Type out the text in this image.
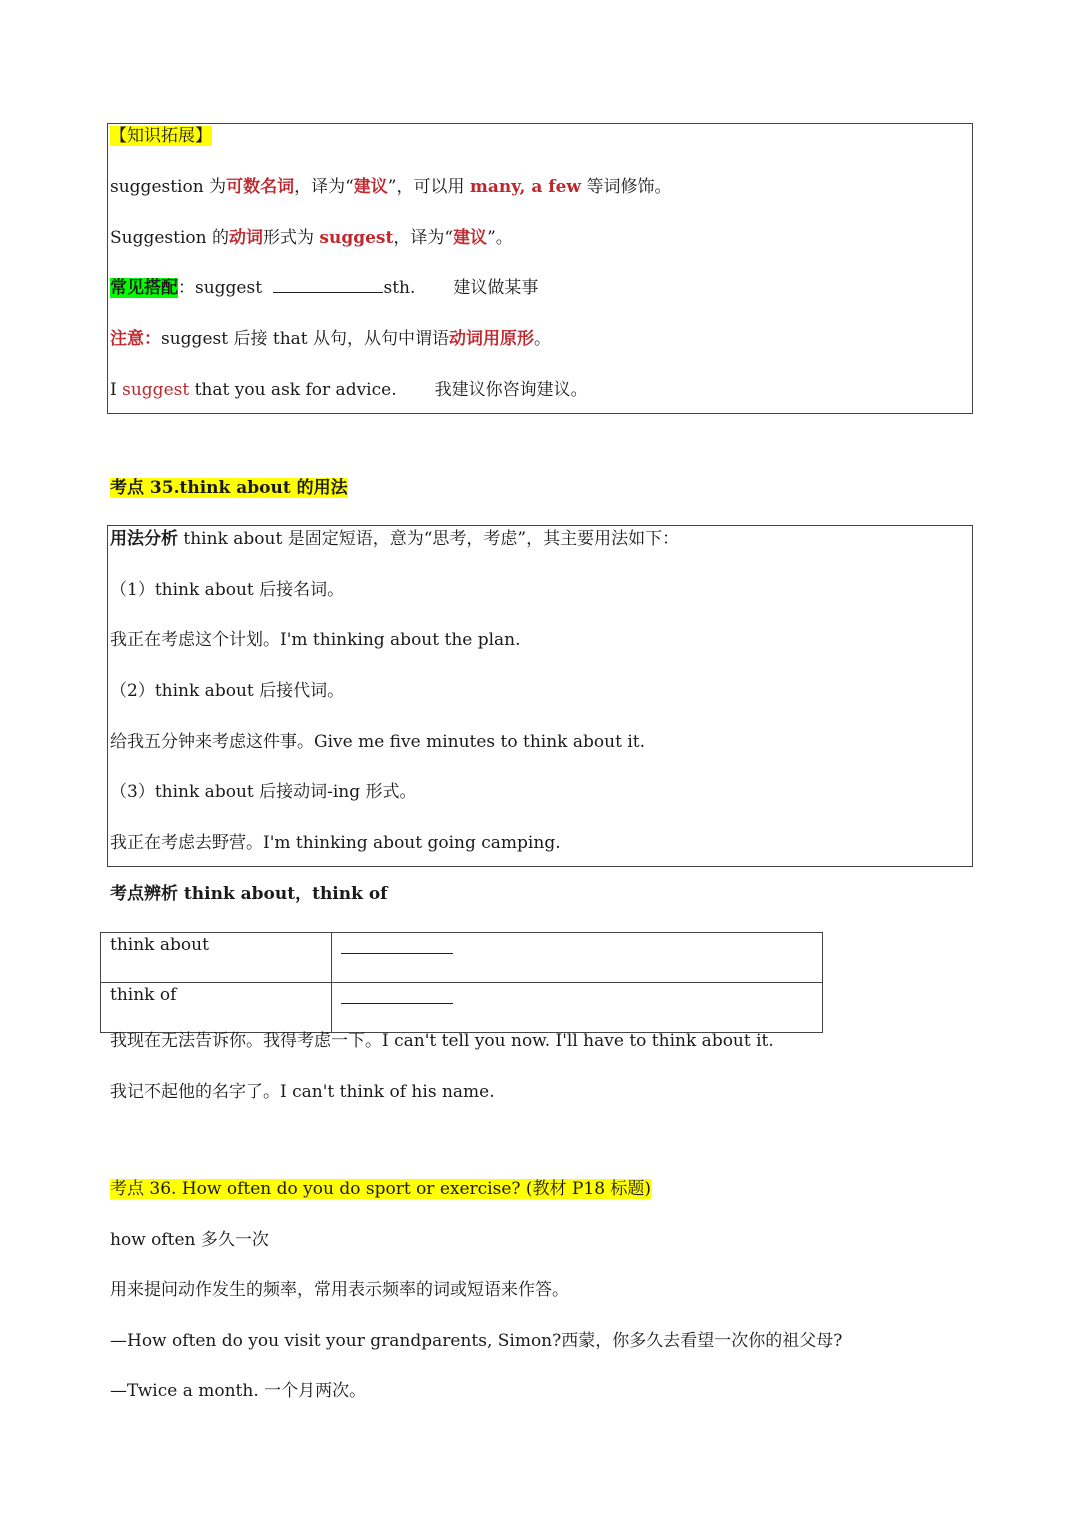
【知识拓展】
suggestion 为可数名词，译为“建议”，可以用 many, a few 等词修饰。
Suggestion 的动词形式为 suggest，译为“建议”。
常见搭配：suggest	sth. 建议做某事
注意：suggest 后接 that 从句，从句中谓语动词用原形。
I suggest that you ask for advice. 我建议你咨询建议。
考点 35.think about 的用法
用法分析 think about 是固定短语，意为“思考，考虑”，其主要用法如下：
（1）think about 后接名词。
我正在考虑这个计划。I'm thinking about the plan.
（2）think about 后接代词。
给我五分钟来考虑这件事。Give me five minutes to think about it.
（3）think about 后接动词-ing 形式。
我正在考虑去野营。I'm thinking about going camping.
考点辨析 think about，think of
think about	
think of	
我现在无法告诉你。我得考虑一下。I can't tell you now. I'll have to think about it.
我记不起他的名字了。I can't think of his name.
考点 36. How often do you do sport or exercise? (教材 P18 标题)
how often 多久一次
用来提问动作发生的频率，常用表示频率的词或短语来作答。
—How often do you visit your grandparents, Simon?西蒙，你多久去看望一次你的祖父母?
—Twice a month. 一个月两次。
